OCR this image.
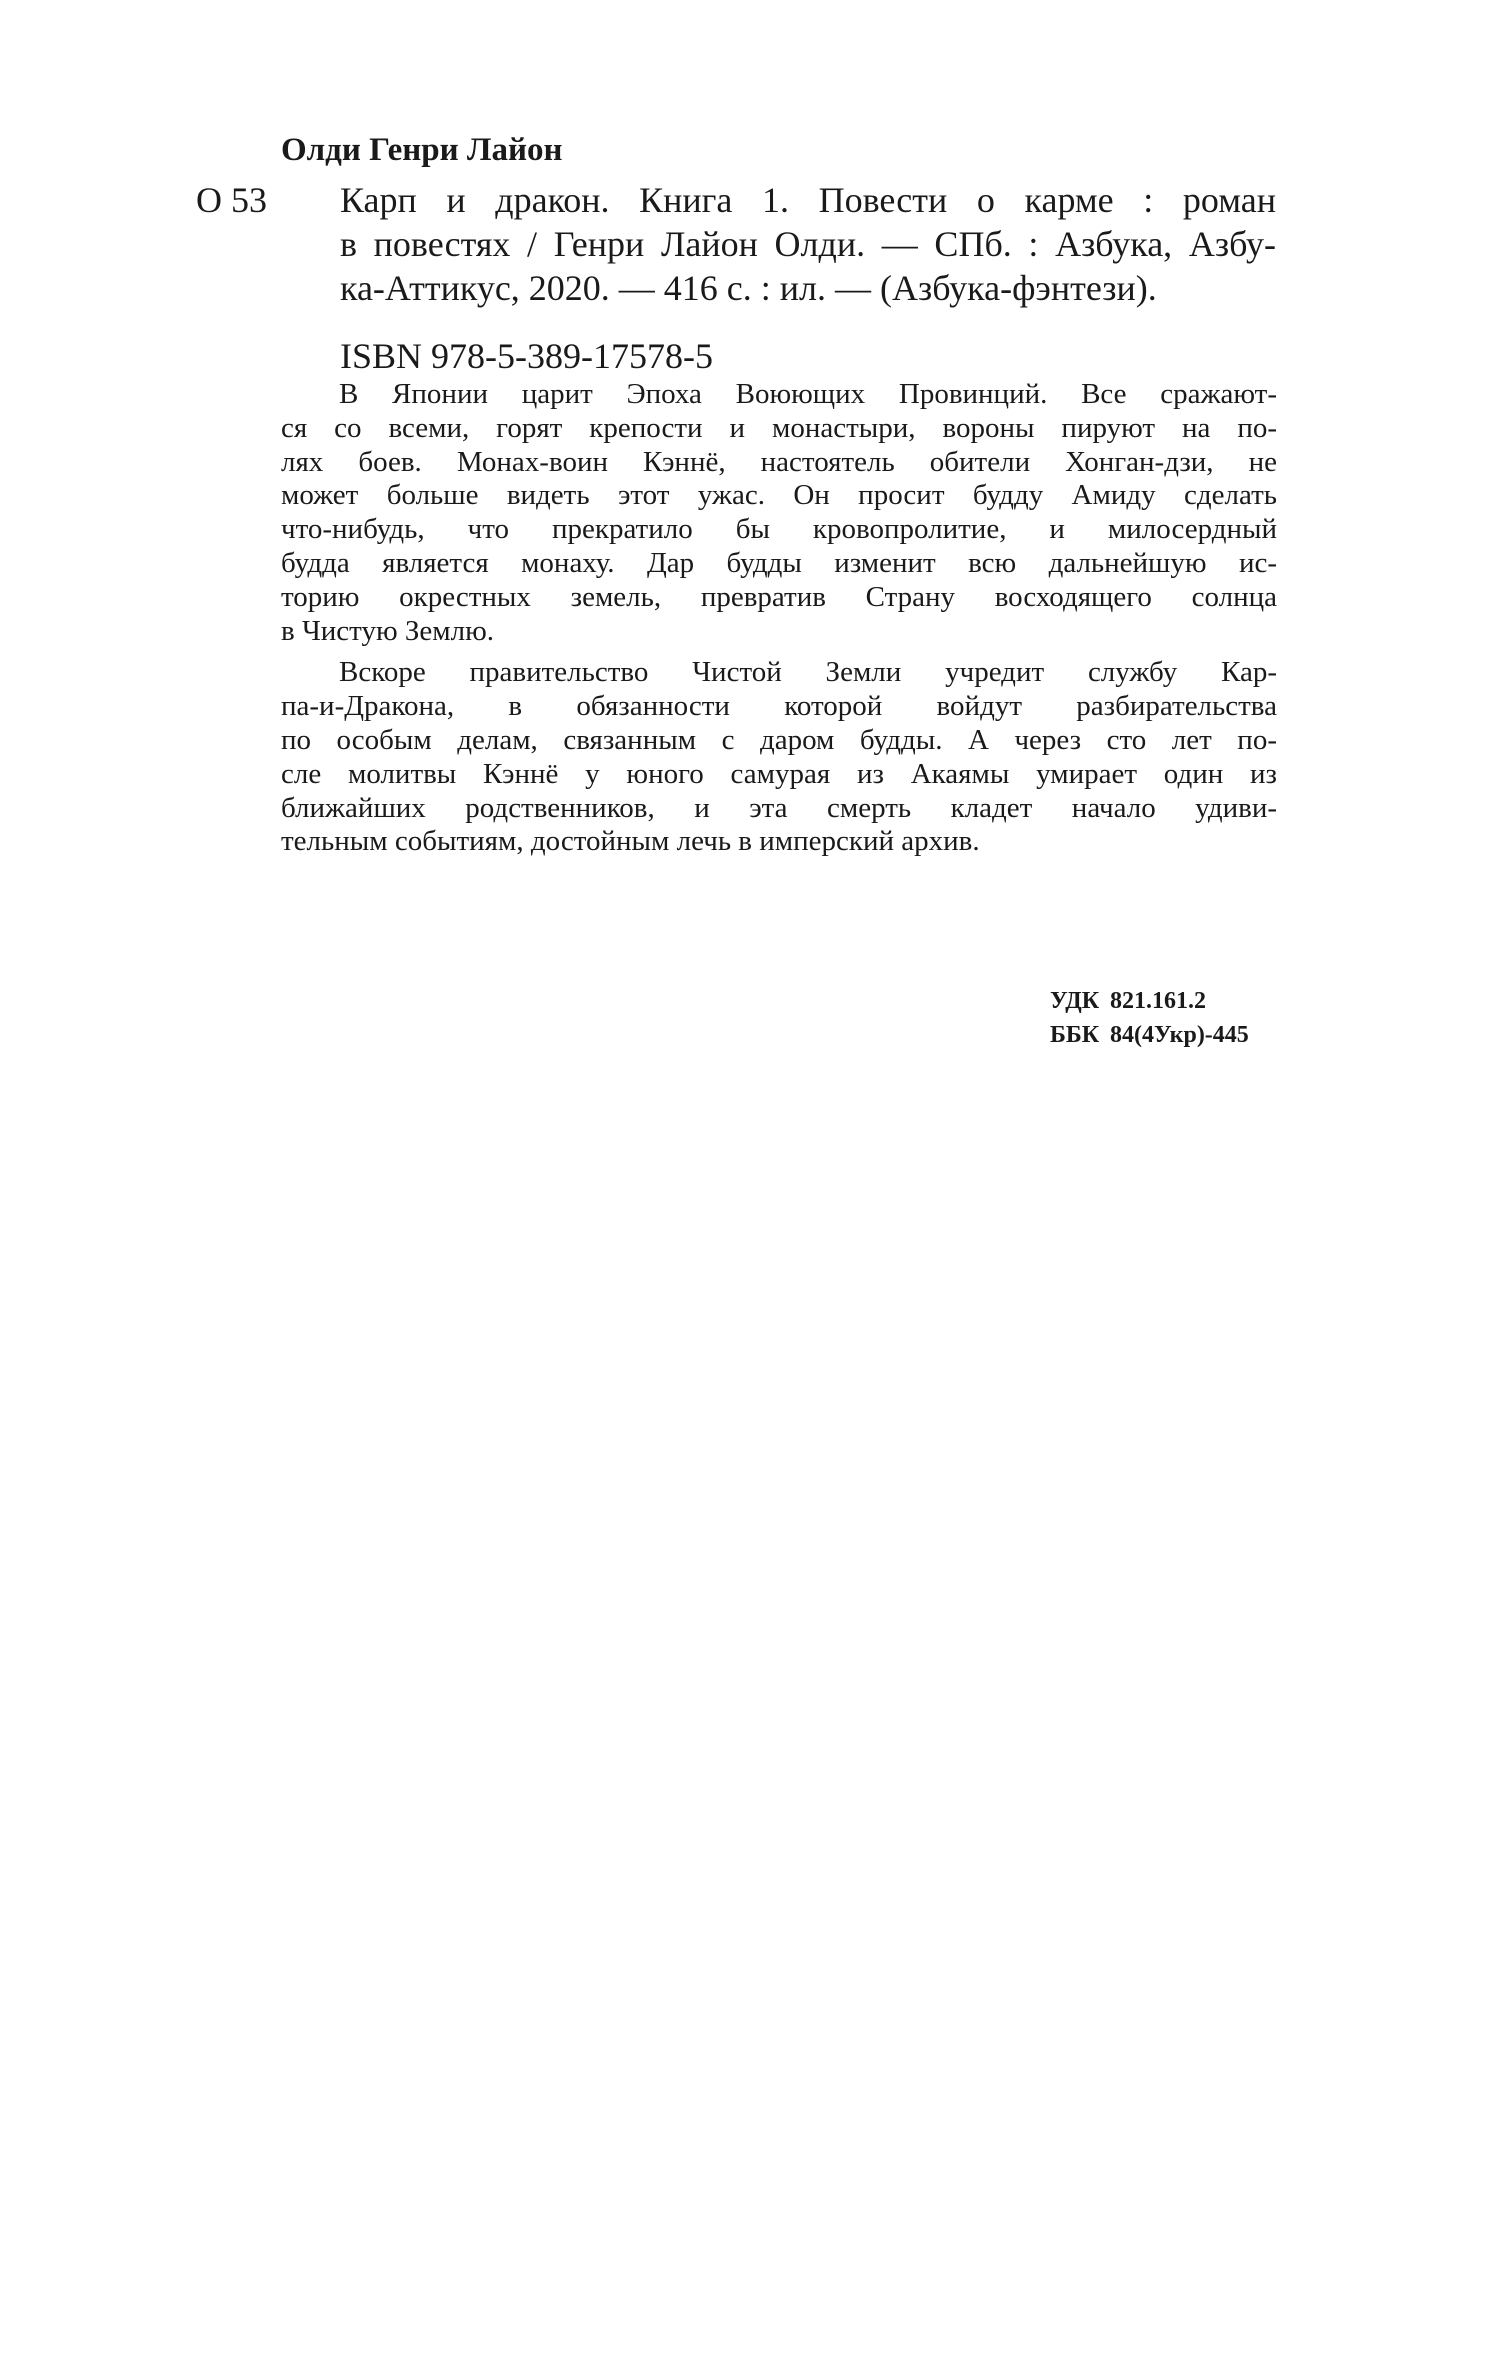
Олди Генри Лайон
О 53 Карп и дракон. Книга 1. Повести о карме : роман
в повестях / Генри Лайон Олди. — СПб. : Азбука, Азбу-
ка-Аттикус, 2020. — 416 с. : ил. — (Азбука-фэнтези).
ISBN 978-5-389-17578-5
В Японии царит Эпоха Воюющих Провинций. Все сражают-
ся со всеми, горят крепости и монастыри, вороны пируют на по-
лях боев. Монах-воин Кэннё, настоятель обители Хонган-дзи, не
может больше видеть этот ужас. Он просит будду Амиду сделать
что-нибудь, что прекратило бы кровопролитие, и милосердный
будда является монаху. Дар будды изменит всю дальнейшую ис-
торию окрестных земель, превратив Страну восходящего солнца
в Чистую Землю.
Вскоре правительство Чистой Земли учредит службу Кар-
па-и-Дракона, в обязанности которой войдут разбирательства
по особым делам, связанным с даром будды. А через сто лет по-
сле молитвы Кэннё у юного самурая из Акаямы умирает один из
ближайших родственников, и эта смерть кладет начало удиви-
тельным событиям, достойным лечь в имперский архив.
УДК 821.161.2
ББК 84(4Укр)-445
